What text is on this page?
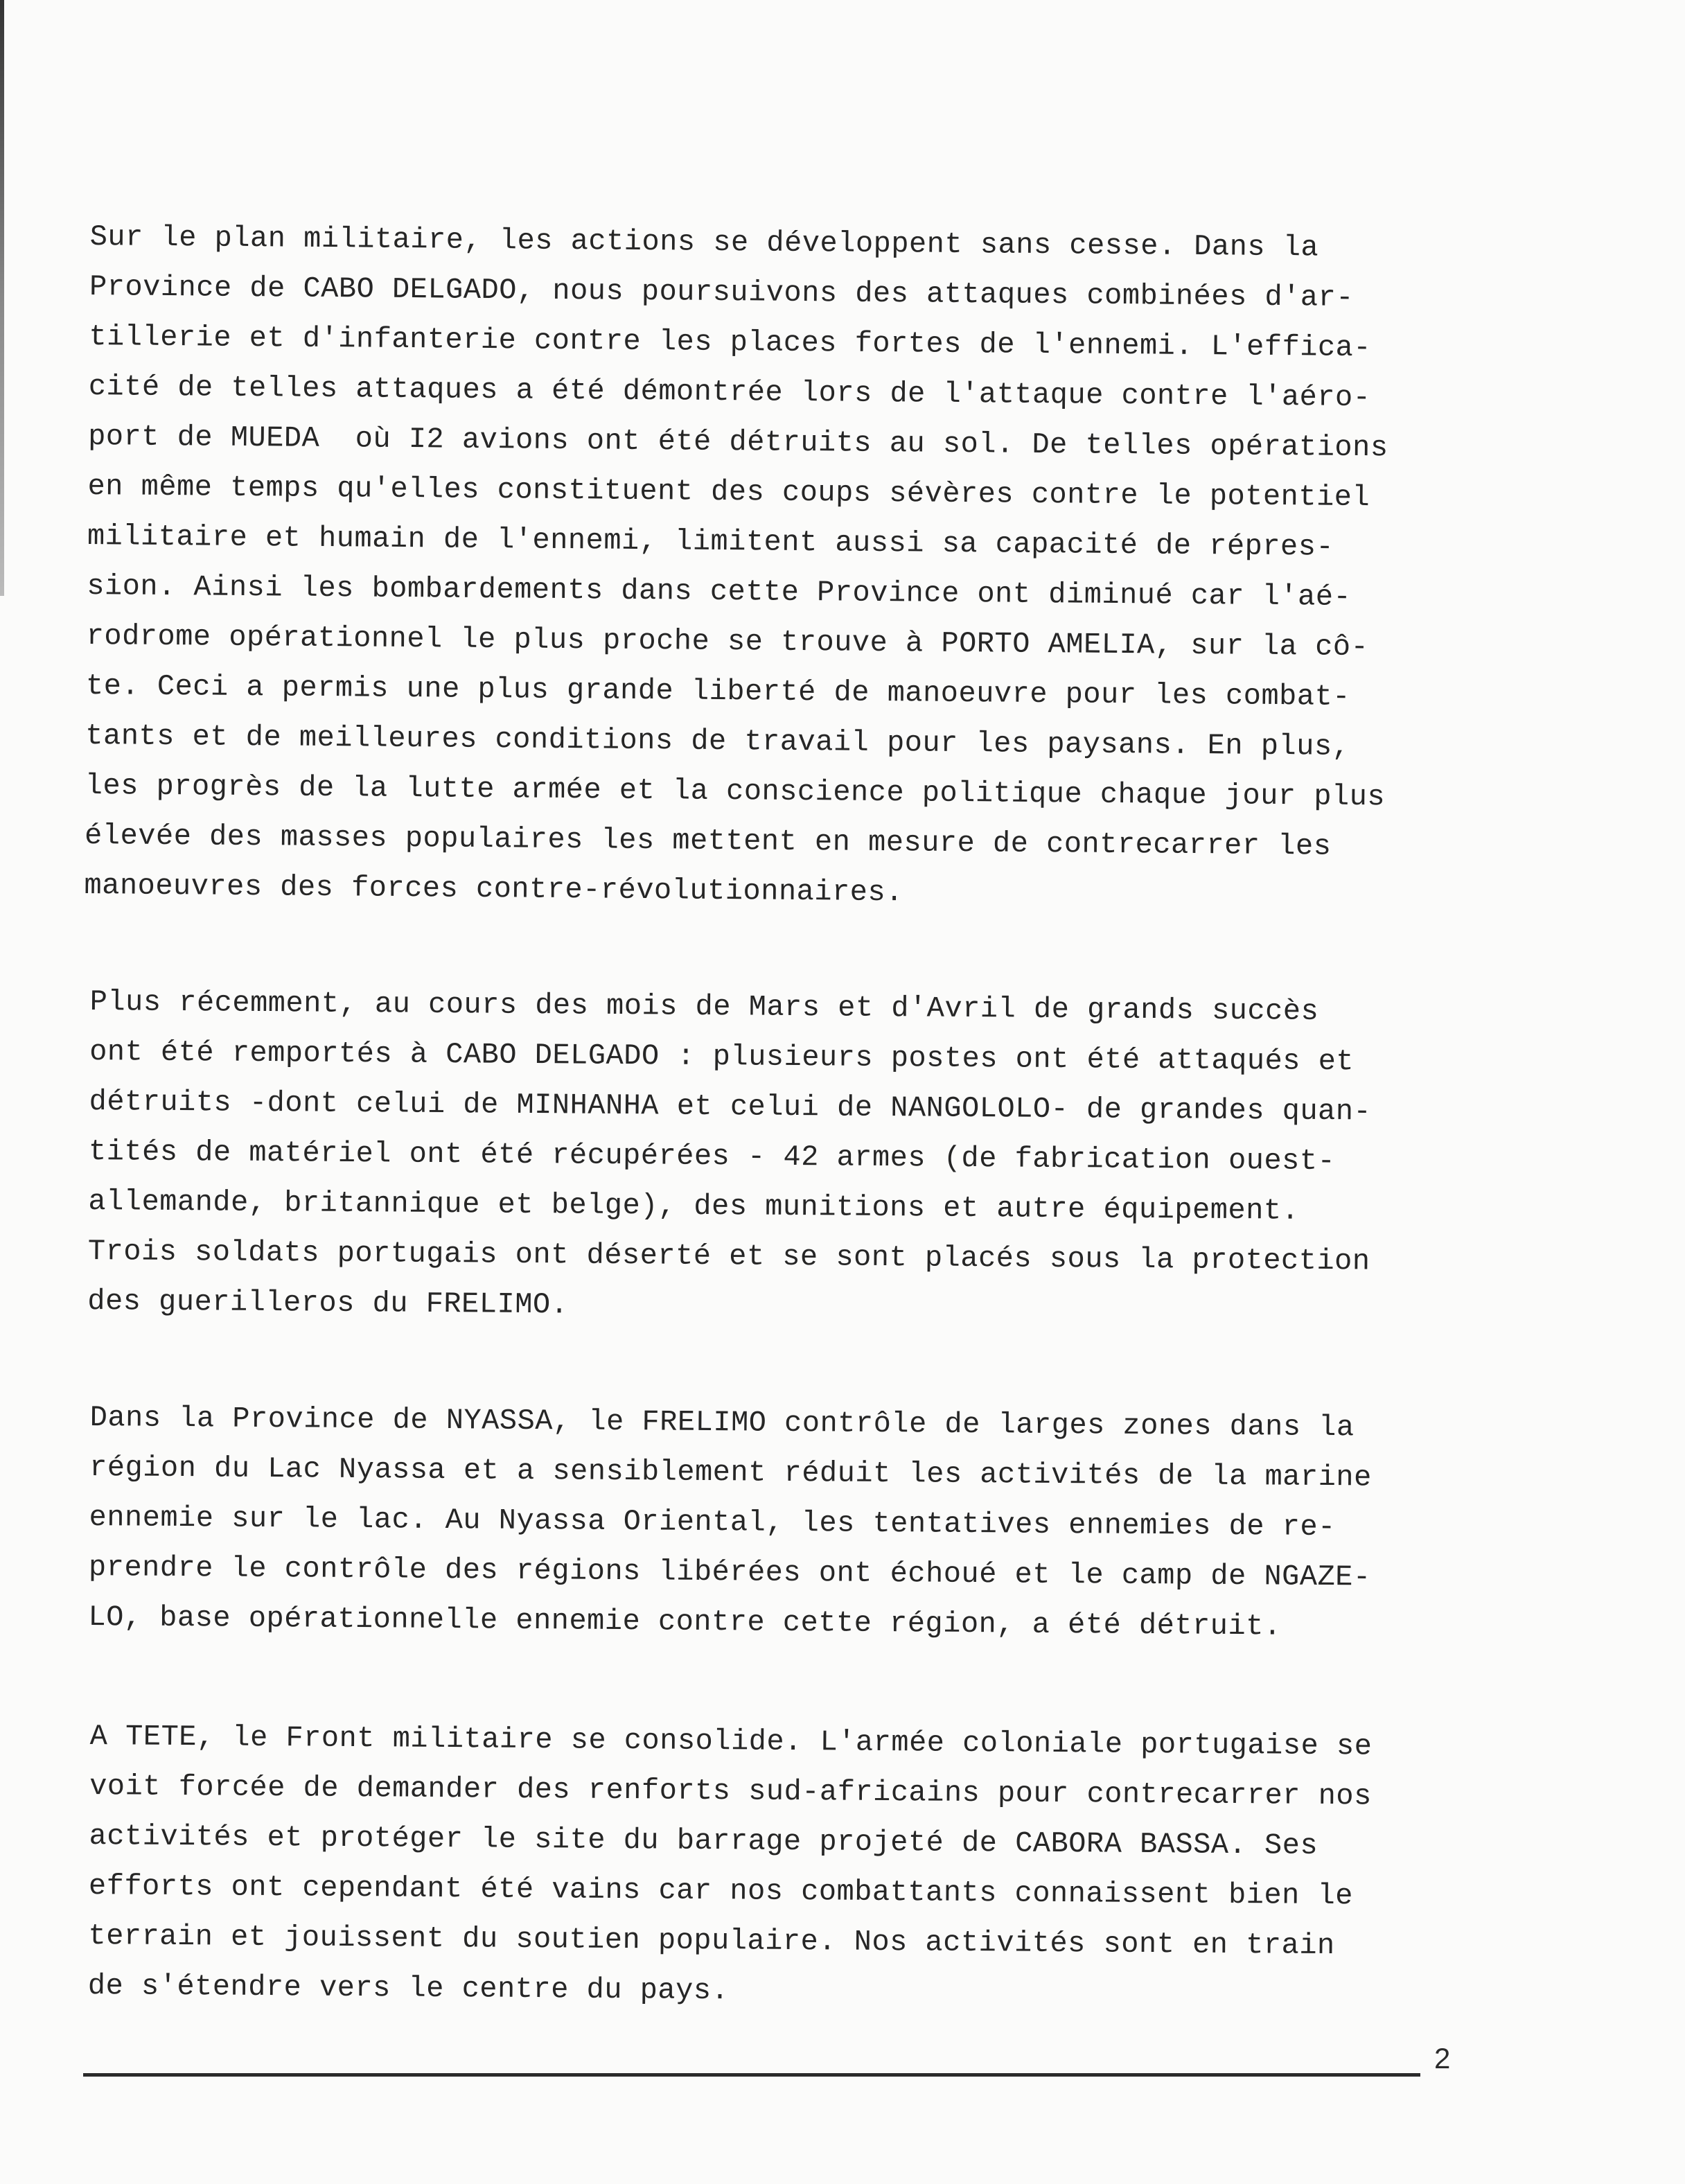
Sur le plan militaire, les actions se développent sans cesse. Dans la
Province de CABO DELGADO, nous poursuivons des attaques combinées d'ar-
tillerie et d'infanterie contre les places fortes de l'ennemi. L'effica-
cité de telles attaques a été démontrée lors de l'attaque contre l'aéro-
port de MUEDA  où I2 avions ont été détruits au sol. De telles opérations
en même temps qu'elles constituent des coups sévères contre le potentiel
militaire et humain de l'ennemi, limitent aussi sa capacité de répres-
sion. Ainsi les bombardements dans cette Province ont diminué car l'aé-
rodrome opérationnel le plus proche se trouve à PORTO AMELIA, sur la cô-
te. Ceci a permis une plus grande liberté de manoeuvre pour les combat-
tants et de meilleures conditions de travail pour les paysans. En plus,
les progrès de la lutte armée et la conscience politique chaque jour plus
élevée des masses populaires les mettent en mesure de contrecarrer les
manoeuvres des forces contre-révolutionnaires.
Plus récemment, au cours des mois de Mars et d'Avril de grands succès
ont été remportés à CABO DELGADO : plusieurs postes ont été attaqués et
détruits -dont celui de MINHANHA et celui de NANGOLOLO- de grandes quan-
tités de matériel ont été récupérées - 42 armes (de fabrication ouest-
allemande, britannique et belge), des munitions et autre équipement.
Trois soldats portugais ont déserté et se sont placés sous la protection
des guerilleros du FRELIMO.
Dans la Province de NYASSA, le FRELIMO contrôle de larges zones dans la
région du Lac Nyassa et a sensiblement réduit les activités de la marine
ennemie sur le lac. Au Nyassa Oriental, les tentatives ennemies de re-
prendre le contrôle des régions libérées ont échoué et le camp de NGAZE-
LO, base opérationnelle ennemie contre cette région, a été détruit.
A TETE, le Front militaire se consolide. L'armée coloniale portugaise se
voit forcée de demander des renforts sud-africains pour contrecarrer nos
activités et protéger le site du barrage projeté de CABORA BASSA. Ses
efforts ont cependant été vains car nos combattants connaissent bien le
terrain et jouissent du soutien populaire. Nos activités sont en train
de s'étendre vers le centre du pays.
2
